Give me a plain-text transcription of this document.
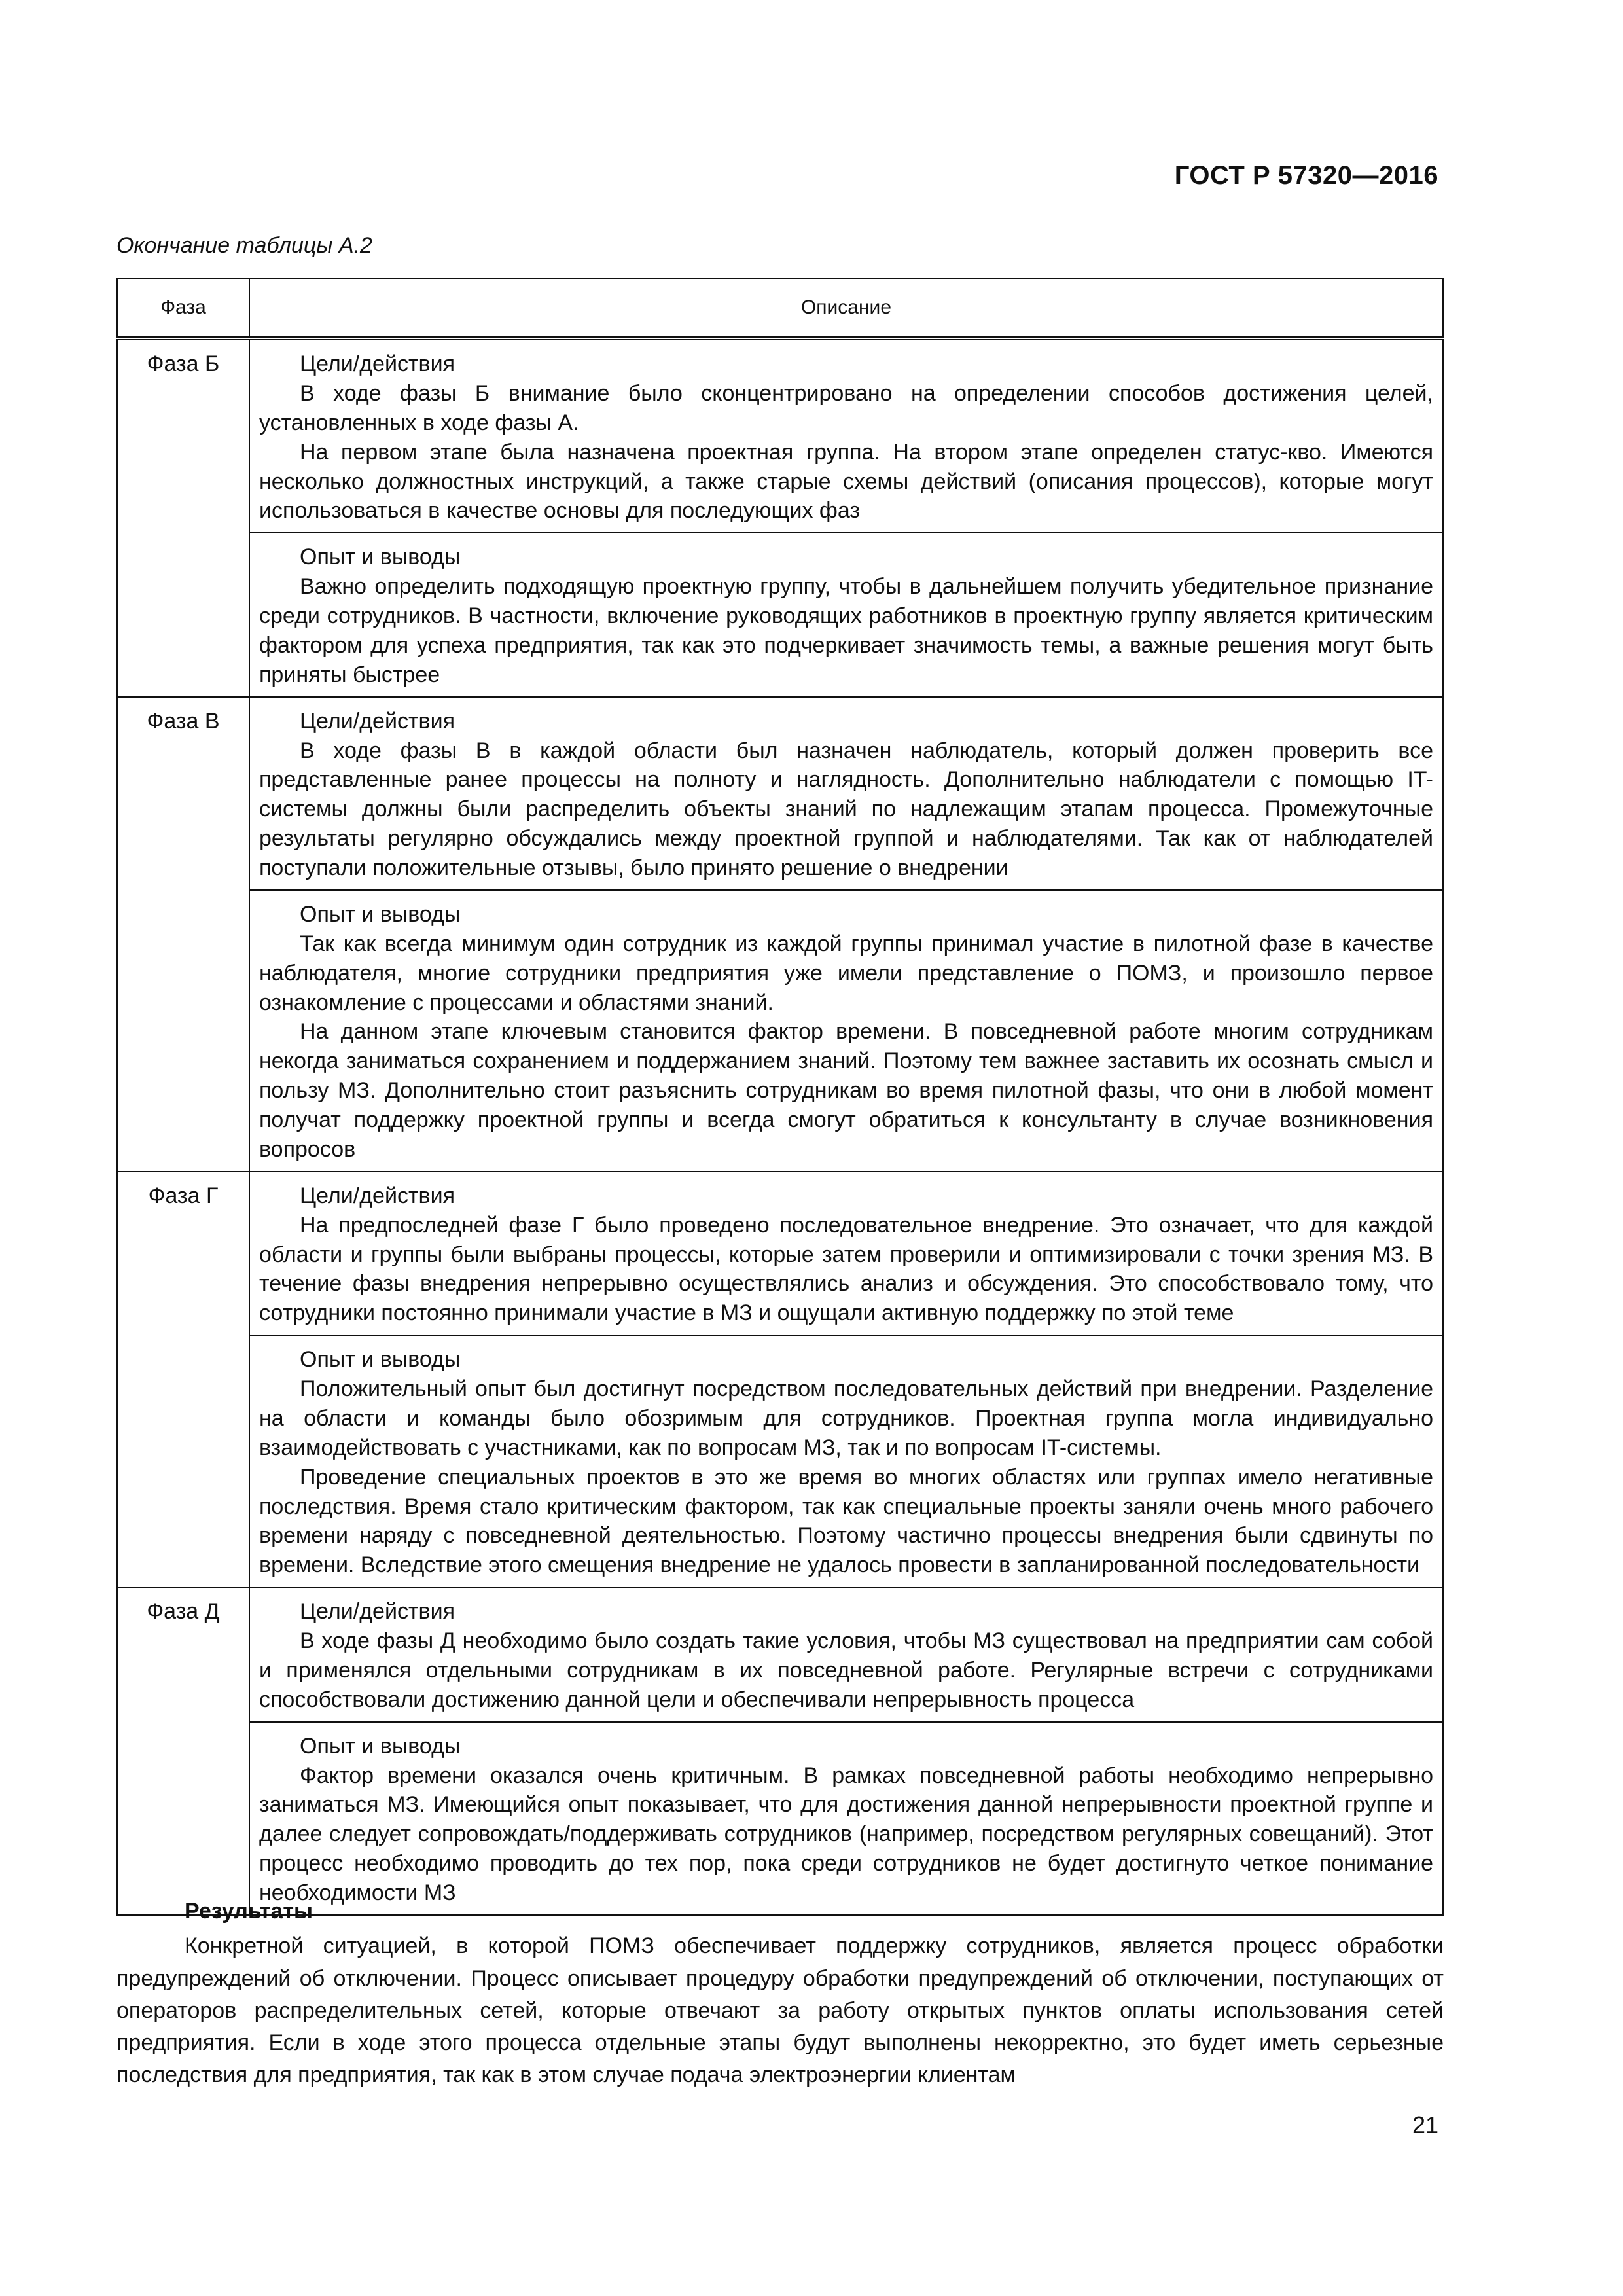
ГОСТ Р 57320—2016
Окончание таблицы А.2
Фаза	Описание
Фаза Б	Цели/действия

В ходе фазы Б внимание было сконцентрировано на определении способов достижения целей, установленных в ходе фазы А.

На первом этапе была назначена проектная группа. На втором этапе определен статус-кво. Имеются несколько должностных инструкций, а также старые схемы действий (описания процессов), которые могут использоваться в качестве основы для последующих фаз

	Опыт и выводы

Важно определить подходящую проектную группу, чтобы в дальнейшем получить убедительное признание среди сотрудников. В частности, включение руководящих работников в проектную группу является критическим фактором для успеха предприятия, так как это подчеркивает значимость темы, а важные решения могут быть приняты быстрее

Фаза В	Цели/действия

В ходе фазы В в каждой области был назначен наблюдатель, который должен проверить все представленные ранее процессы на полноту и наглядность. Дополнительно наблюдатели с помощью IT-системы должны были распределить объекты знаний по надлежащим этапам процесса. Промежуточные результаты регулярно обсуждались между проектной группой и наблюдателями. Так как от наблюдателей поступали положительные отзывы, было принято решение о внедрении

	Опыт и выводы

Так как всегда минимум один сотрудник из каждой группы принимал участие в пилотной фазе в качестве наблюдателя, многие сотрудники предприятия уже имели представление о ПОМЗ, и произошло первое ознакомление с процессами и областями знаний.

На данном этапе ключевым становится фактор времени. В повседневной работе многим сотрудникам некогда заниматься сохранением и поддержанием знаний. Поэтому тем важнее заставить их осознать смысл и пользу МЗ. Дополнительно стоит разъяснить сотрудникам во время пилотной фазы, что они в любой момент получат поддержку проектной группы и всегда смогут обратиться к консультанту в случае возникновения вопросов

Фаза Г	Цели/действия

На предпоследней фазе Г было проведено последовательное внедрение. Это означает, что для каждой области и группы были выбраны процессы, которые затем проверили и оптимизировали с точки зрения МЗ. В течение фазы внедрения непрерывно осуществлялись анализ и обсуждения. Это способствовало тому, что сотрудники постоянно принимали участие в МЗ и ощущали активную поддержку по этой теме

	Опыт и выводы

Положительный опыт был достигнут посредством последовательных действий при внедрении. Разделение на области и команды было обозримым для сотрудников. Проектная группа могла индивидуально взаимодействовать с участниками, как по вопросам МЗ, так и по вопросам IT-системы.

Проведение специальных проектов в это же время во многих областях или группах имело негативные последствия. Время стало критическим фактором, так как специальные проекты заняли очень много рабочего времени наряду с повседневной деятельностью. Поэтому частично процессы внедрения были сдвинуты по времени. Вследствие этого смещения внедрение не удалось провести в запланированной последовательности

Фаза Д	Цели/действия

В ходе фазы Д необходимо было создать такие условия, чтобы МЗ существовал на предприятии сам собой и применялся отдельными сотрудникам в их повседневной работе. Регулярные встречи с сотрудниками способствовали достижению данной цели и обеспечивали непрерывность процесса

	Опыт и выводы

Фактор времени оказался очень критичным. В рамках повседневной работы необходимо непрерывно заниматься МЗ. Имеющийся опыт показывает, что для достижения данной непрерывности проектной группе и далее следует сопровождать/поддерживать сотрудников (например, посредством регулярных совещаний). Этот процесс необходимо проводить до тех пор, пока среди сотрудников не будет достигнуто четкое понимание необходимости МЗ

Результаты

Конкретной ситуацией, в которой ПОМЗ обеспечивает поддержку сотрудников, является процесс обработки предупреждений об отключении. Процесс описывает процедуру обработки предупреждений об отключении, поступающих от операторов распределительных сетей, которые отвечают за работу открытых пунктов оплаты использования сетей предприятия. Если в ходе этого процесса отдельные этапы будут выполнены некорректно, это будет иметь серьезные последствия для предприятия, так как в этом случае подача электроэнергии клиентам

21
